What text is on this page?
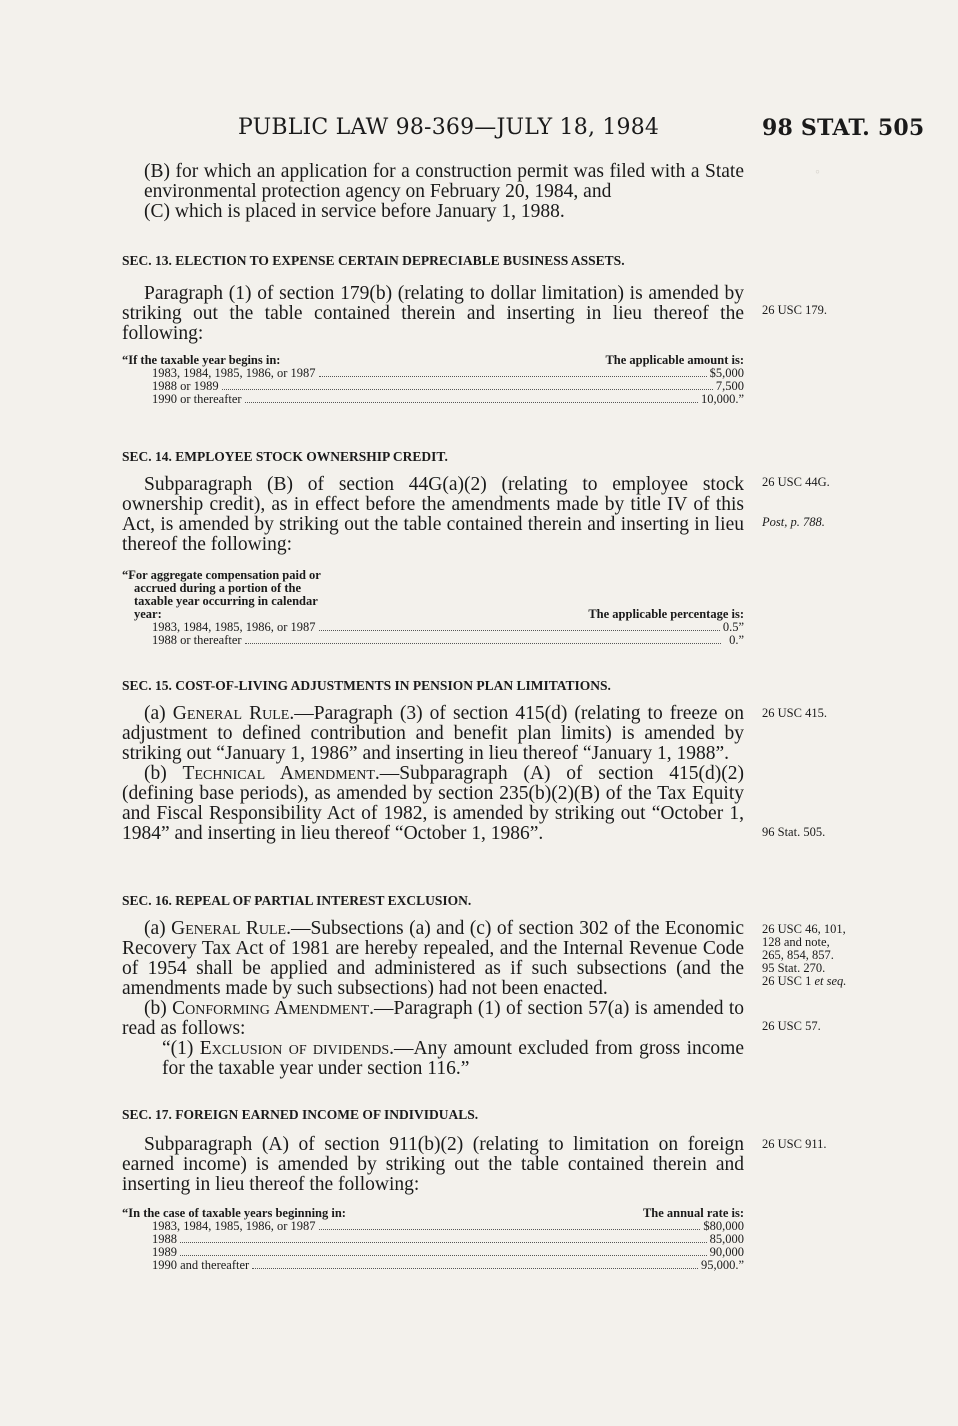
◦
PUBLIC LAW 98-369—JULY 18, 1984	98 STAT. 505

(B) for which an application for a construction permit was filed with a State environmental protection agency on February 20, 1984, and

(C) which is placed in service before January 1, 1988.

SEC. 13. ELECTION TO EXPENSE CERTAIN DEPRECIABLE BUSINESS ASSETS.

Paragraph (1) of section 179(b) (relating to dollar limitation) is amended by striking out the table contained therein and inserting in lieu thereof the following:

“If the taxable year begins in:	The applicable amount is:
1983, 1984, 1985, 1986, or 1987	$5,000
1988 or 1989	7,500
1990 or thereafter	10,000.”
26 USC 179.

SEC. 14. EMPLOYEE STOCK OWNERSHIP CREDIT.

Subparagraph (B) of section 44G(a)(2) (relating to employee stock ownership credit), as in effect before the amendments made by title IV of this Act, is amended by striking out the table contained therein and inserting in lieu thereof the following:

“For aggregate compensation paid or
accrued during a portion of the
taxable year occurring in calendar
year:	The applicable percentage is:
1983, 1984, 1985, 1986, or 1987	0.5”
1988 or thereafter	0.”
26 USC 44G.
Post, p. 788.

SEC. 15. COST-OF-LIVING ADJUSTMENTS IN PENSION PLAN LIMITATIONS.

(a) General Rule.—Paragraph (3) of section 415(d) (relating to freeze on adjustment to defined contribution and benefit plan limits) is amended by striking out “January 1, 1986” and inserting in lieu thereof “January 1, 1988”.

(b) Technical Amendment.—Subparagraph (A) of section 415(d)(2) (defining base periods), as amended by section 235(b)(2)(B) of the Tax Equity and Fiscal Responsibility Act of 1982, is amended by striking out “October 1, 1984” and inserting in lieu thereof “October 1, 1986”.

26 USC 415.
96 Stat. 505.

SEC. 16. REPEAL OF PARTIAL INTEREST EXCLUSION.

(a) General Rule.—Subsections (a) and (c) of section 302 of the Economic Recovery Tax Act of 1981 are hereby repealed, and the Internal Revenue Code of 1954 shall be applied and administered as if such subsections (and the amendments made by such subsections) had not been enacted.

(b) Conforming Amendment.—Paragraph (1) of section 57(a) is amended to read as follows:

“(1) Exclusion of dividends.—Any amount excluded from gross income for the taxable year under section 116.”

26 USC 46, 101,
128 and note,
265, 854, 857.
95 Stat. 270.
26 USC 1 et seq.
26 USC 57.

SEC. 17. FOREIGN EARNED INCOME OF INDIVIDUALS.

Subparagraph (A) of section 911(b)(2) (relating to limitation on foreign earned income) is amended by striking out the table contained therein and inserting in lieu thereof the following:

“In the case of taxable years beginning in:	The annual rate is:
1983, 1984, 1985, 1986, or 1987	$80,000
1988	85,000
1989	90,000
1990 and thereafter	95,000.”
26 USC 911.
